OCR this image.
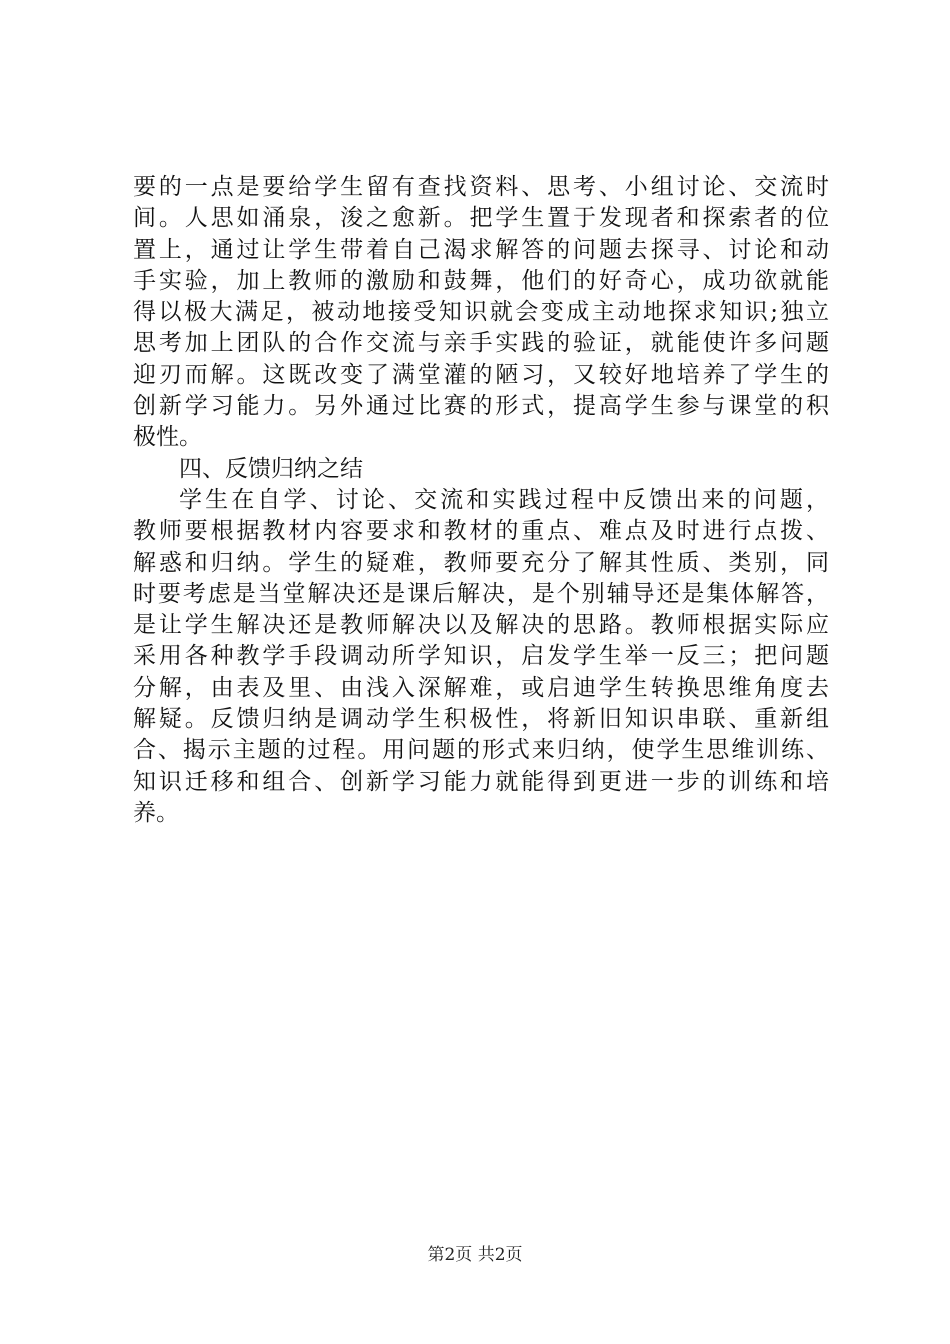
要的一点是要给学生留有查找资料、思考、小组讨论、交流时
间。人思如涌泉，浚之愈新。把学生置于发现者和探索者的位
置上，通过让学生带着自己渴求解答的问题去探寻、讨论和动
手实验，加上教师的激励和鼓舞，他们的好奇心，成功欲就能
得以极大满足，被动地接受知识就会变成主动地探求知识;独立
思考加上团队的合作交流与亲手实践的验证，就能使许多问题
迎刃而解。这既改变了满堂灌的陋习，又较好地培养了学生的
创新学习能力。另外通过比赛的形式，提高学生参与课堂的积
极性。
四、反馈归纳之结
学生在自学、讨论、交流和实践过程中反馈出来的问题，
教师要根据教材内容要求和教材的重点、难点及时进行点拨、
解惑和归纳。学生的疑难，教师要充分了解其性质、类别，同
时要考虑是当堂解决还是课后解决，是个别辅导还是集体解答，
是让学生解决还是教师解决以及解决的思路。教师根据实际应
采用各种教学手段调动所学知识，启发学生举一反三；把问题
分解，由表及里、由浅入深解难，或启迪学生转换思维角度去
解疑。反馈归纳是调动学生积极性，将新旧知识串联、重新组
合、揭示主题的过程。用问题的形式来归纳，使学生思维训练、
知识迁移和组合、创新学习能力就能得到更进一步的训练和培
养。
第2页 共2页
